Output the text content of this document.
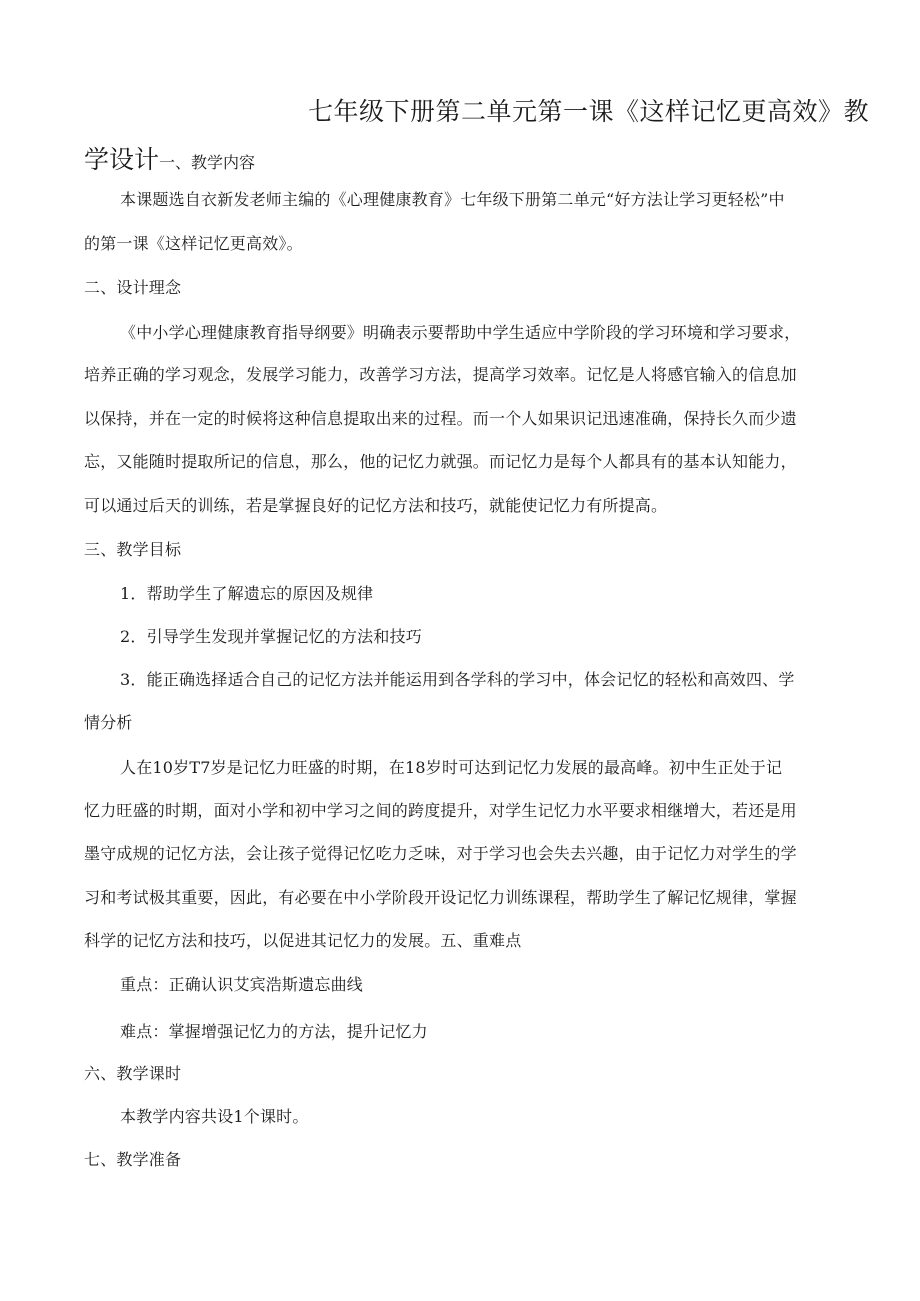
七年级下册第二单元第一课《这样记忆更高效》教
学设计一、教学内容
本课题选自衣新发老师主编的《心理健康教育》七年级下册第二单元“好方法让学习更轻松”中
的第一课《这样记忆更高效》。
二、设计理念
《中小学心理健康教育指导纲要》明确表示要帮助中学生适应中学阶段的学习环境和学习要求，
培养正确的学习观念，发展学习能力，改善学习方法，提高学习效率。记忆是人将感官输入的信息加
以保持，并在一定的时候将这种信息提取出来的过程。而一个人如果识记迅速准确，保持长久而少遗
忘，又能随时提取所记的信息，那么，他的记忆力就强。而记忆力是每个人都具有的基本认知能力，
可以通过后天的训练，若是掌握良好的记忆方法和技巧，就能使记忆力有所提高。
三、教学目标
1．帮助学生了解遗忘的原因及规律
2．引导学生发现并掌握记忆的方法和技巧
3．能正确选择适合自己的记忆方法并能运用到各学科的学习中，体会记忆的轻松和高效四、学
情分析
人在10岁T7岁是记忆力旺盛的时期，在18岁时可达到记忆力发展的最高峰。初中生正处于记
忆力旺盛的时期，面对小学和初中学习之间的跨度提升，对学生记忆力水平要求相继增大，若还是用
墨守成规的记忆方法，会让孩子觉得记忆吃力乏味，对于学习也会失去兴趣，由于记忆力对学生的学
习和考试极其重要，因此，有必要在中小学阶段开设记忆力训练课程，帮助学生了解记忆规律，掌握
科学的记忆方法和技巧，以促进其记忆力的发展。五、重难点
重点：正确认识艾宾浩斯遗忘曲线
难点：掌握增强记忆力的方法，提升记忆力
六、教学课时
本教学内容共设1个课时。
七、教学准备
